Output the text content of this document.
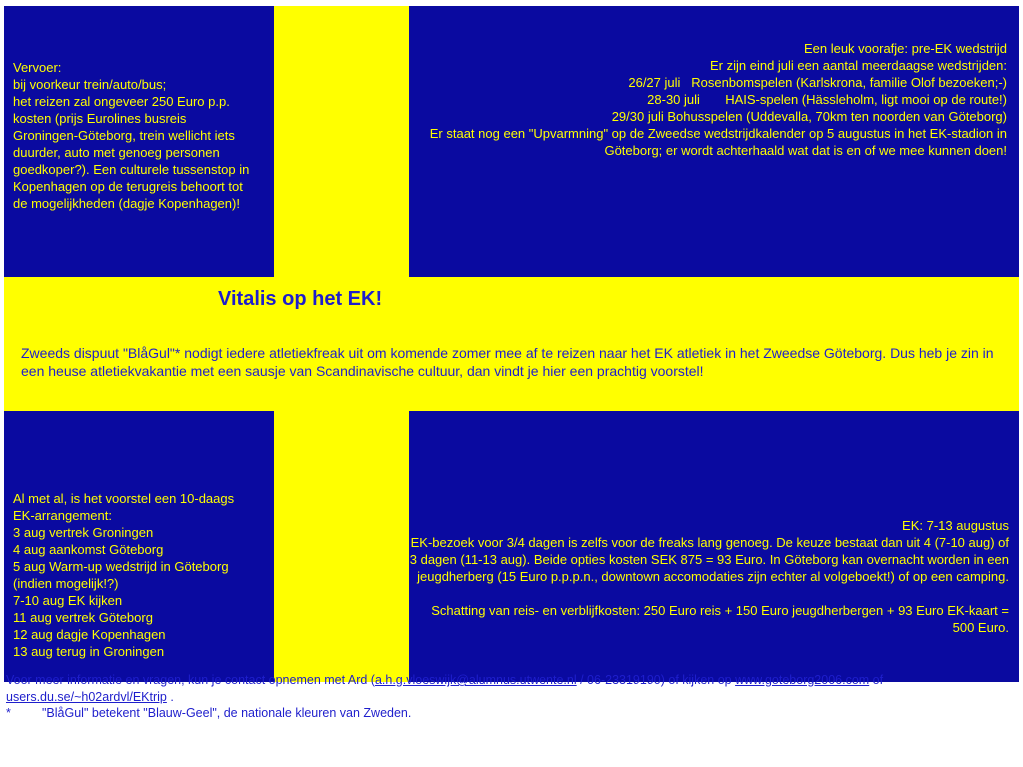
Vervoer:
bij voorkeur trein/auto/bus;
het reizen zal ongeveer 250 Euro p.p.
kosten (prijs Eurolines busreis
Groningen-Göteborg, trein wellicht iets
duurder, auto met genoeg personen
goedkoper?). Een culturele tussenstop in
Kopenhagen op de terugreis behoort tot
de mogelijkheden (dagje Kopenhagen)!
Een leuk voorafje: pre-EK wedstrijd
Er zijn eind juli een aantal meerdaagse wedstrijden:
26/27 juli   Rosenbomspelen (Karlskrona, familie Olof bezoeken;-)
28-30 juli       HAIS-spelen (Hässleholm, ligt mooi op de route!)
29/30 juli Bohusspelen (Uddevalla, 70km ten noorden van Göteborg)
Er staat nog een "Upvarmning" op de Zweedse wedstrijdkalender op 5 augustus in het EK-stadion in Göteborg; er wordt achterhaald wat dat is en of we mee kunnen doen!
Vitalis op het EK!

Zweeds dispuut "BlåGul"* nodigt iedere atletiekfreak uit om komende zomer mee af te reizen naar het EK atletiek in het Zweedse Göteborg. Dus heb je zin in een heuse atletiekvakantie met een sausje van Scandinavische cultuur, dan vindt je hier een prachtig voorstel!

Al met al, is het voorstel een 10-daags
EK-arrangement:
3 aug vertrek Groningen
4 aug aankomst Göteborg
5 aug Warm-up wedstrijd in Göteborg
(indien mogelijk!?)
7-10 aug EK kijken
11 aug vertrek Göteborg
12 aug dagje Kopenhagen
13 aug terug in Groningen
EK: 7-13 augustus
EK-bezoek voor 3/4 dagen is zelfs voor de freaks lang genoeg. De keuze bestaat dan uit 4 (7-10 aug) of 3 dagen (11-13 aug). Beide opties kosten SEK 875 = 93 Euro. In Göteborg kan overnacht worden in een jeugdherberg (15 Euro p.p.p.n., downtown accomodaties zijn echter al volgeboekt!) of op een camping.
Schatting van reis- en verblijfkosten: 250 Euro reis + 150 Euro jeugdherbergen + 93 Euro EK-kaart = 500 Euro.
Voor meer informatie en vragen, kun je contact opnemen met Ard (a.h.g.vloeswijk@alumnus.utwente.nl / 06-23319190) of kijken op www.goteborg2006.com of users.du.se/~h02ardvl/EKtrip .
* "BlåGul" betekent "Blauw-Geel", de nationale kleuren van Zweden.
